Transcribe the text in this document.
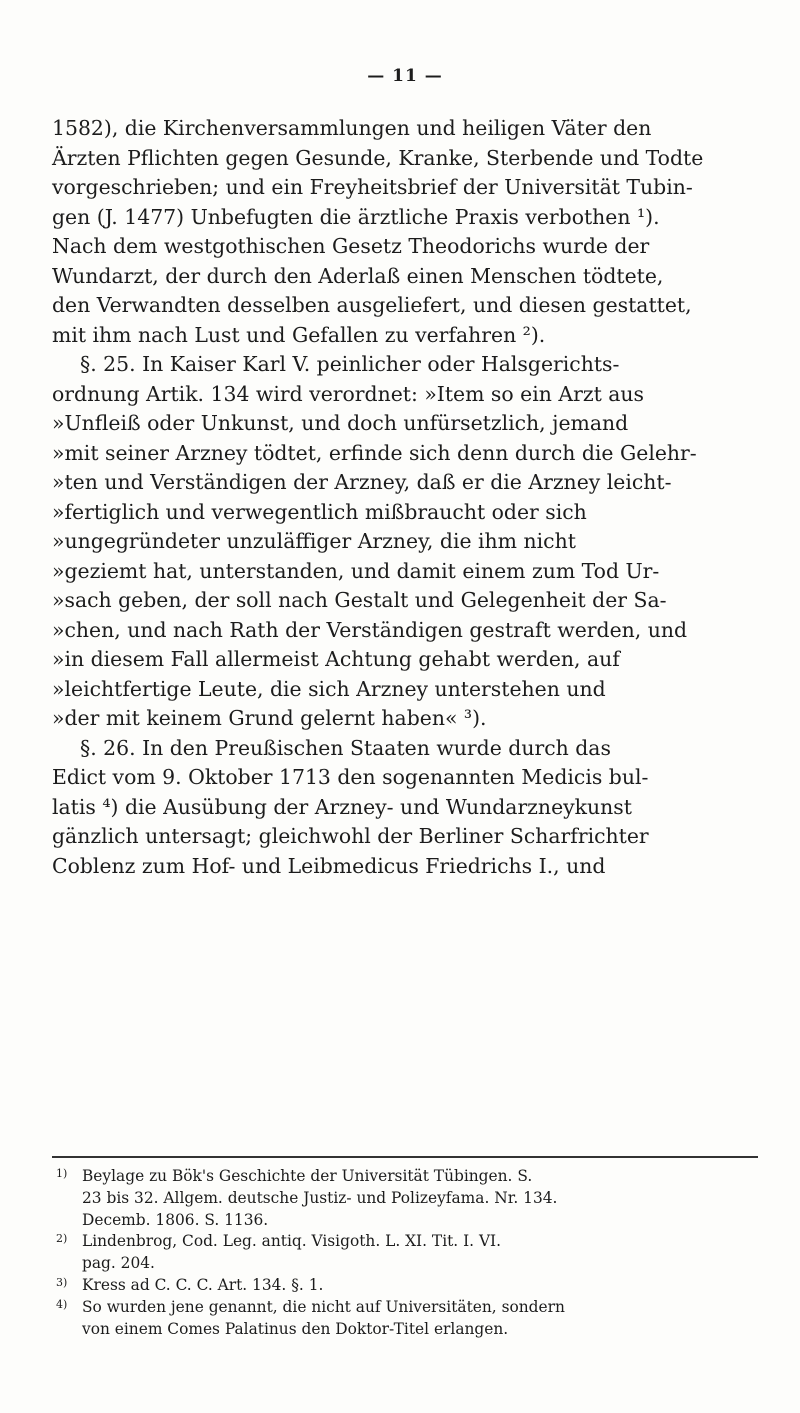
— 11 —

1582), die Kirchenversammlungen und heiligen Väter den
Ärzten Pflichten gegen Gesunde, Kranke, Sterbende und Todte
vorgeschrieben; und ein Freyheitsbrief der Universität Tubin-
gen (J. 1477) Unbefugten die ärztliche Praxis verbothen ¹).
Nach dem westgothischen Gesetz Theodorichs wurde der
Wundarzt, der durch den Aderlaß einen Menschen tödtete,
den Verwandten desselben ausgeliefert, und diesen gestattet,
mit ihm nach Lust und Gefallen zu verfahren ²).

§. 25. In Kaiser Karl V. peinlicher oder Halsgerichts-
ordnung Artik. 134 wird verordnet: »Item so ein Arzt aus
»Unfleiß oder Unkunst, und doch unfürsetzlich, jemand
»mit seiner Arzney tödtet, erfinde sich denn durch die Gelehr-
»ten und Verständigen der Arzney, daß er die Arzney leicht-
»fertiglich und verwegentlich mißbraucht oder sich
»ungegründeter unzuläffiger Arzney, die ihm nicht
»geziemt hat, unterstanden, und damit einem zum Tod Ur-
»sach geben, der soll nach Gestalt und Gelegenheit der Sa-
»chen, und nach Rath der Verständigen gestraft werden, und
»in diesem Fall allermeist Achtung gehabt werden, auf
»leichtfertige Leute, die sich Arzney unterstehen und
»der mit keinem Grund gelernt haben« ³).

§. 26. In den Preußischen Staaten wurde durch das
Edict vom 9. Oktober 1713 den sogenannten Medicis bul-
latis ⁴) die Ausübung der Arzney- und Wundarzneykunst
gänzlich untersagt; gleichwohl der Berliner Scharfrichter
Coblenz zum Hof- und Leibmedicus Friedrichs I., und

1) Beylage zu Bök's Geschichte der Universität Tübingen. S.
23 bis 32. Allgem. deutsche Justiz- und Polizeyfama. Nr. 134.
Decemb. 1806. S. 1136.
2) Lindenbrog, Cod. Leg. antiq. Visigoth. L. XI. Tit. I. VI.
pag. 204.
3) Kress ad C. C. C. Art. 134. §. 1.
4) So wurden jene genannt, die nicht auf Universitäten, sondern
von einem Comes Palatinus den Doktor-Titel erlangen.
